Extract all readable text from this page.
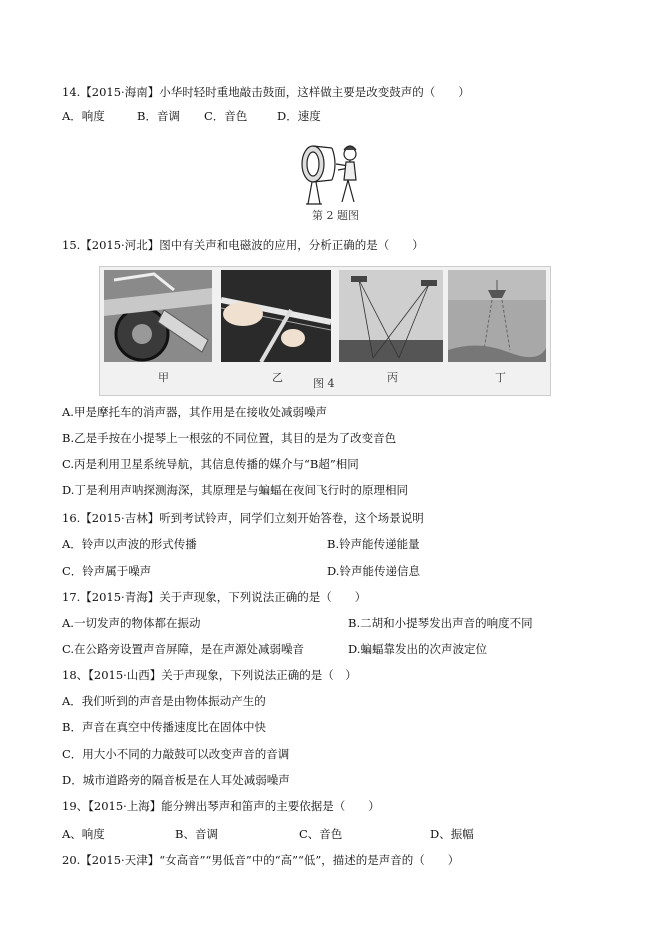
14.【2015·海南】小华时轻时重地敲击鼓面，这样做主要是改变鼓声的（　　）
A．响度	B．音调 C．音色	D．速度
第 2 题图
15.【2015·河北】图中有关声和电磁波的应用，分析正确的是（　　）
甲	乙	图 4	丙	丁
A.甲是摩托车的消声器，其作用是在接收处减弱噪声
B.乙是手按在小提琴上一根弦的不同位置，其目的是为了改变音色
C.丙是利用卫星系统导航，其信息传播的媒介与“B超”相同
D.丁是利用声呐探测海深，其原理是与蝙蝠在夜间飞行时的原理相同
16.【2015·吉林】听到考试铃声，同学们立刻开始答卷，这个场景说明
A．铃声以声波的形式传播	B.铃声能传递能量
C．铃声属于噪声	D.铃声能传递信息
17.【2015·青海】关于声现象，下列说法正确的是（　　）
A.一切发声的物体都在振动	B.二胡和小提琴发出声音的响度不同
C.在公路旁设置声音屏障，是在声源处减弱噪音	D.蝙蝠靠发出的次声波定位
18、【2015·山西】关于声现象，下列说法正确的是（　）
A．我们听到的声音是由物体振动产生的
B．声音在真空中传播速度比在固体中快
C．用大小不同的力敲鼓可以改变声音的音调
D．城市道路旁的隔音板是在人耳处减弱噪声
19、【2015·上海】能分辨出琴声和笛声的主要依据是（　　）
A、响度	B、音调	C、音色	D、振幅
20.【2015·天津】“女高音”“男低音”中的“高”“低”，描述的是声音的（　　）
